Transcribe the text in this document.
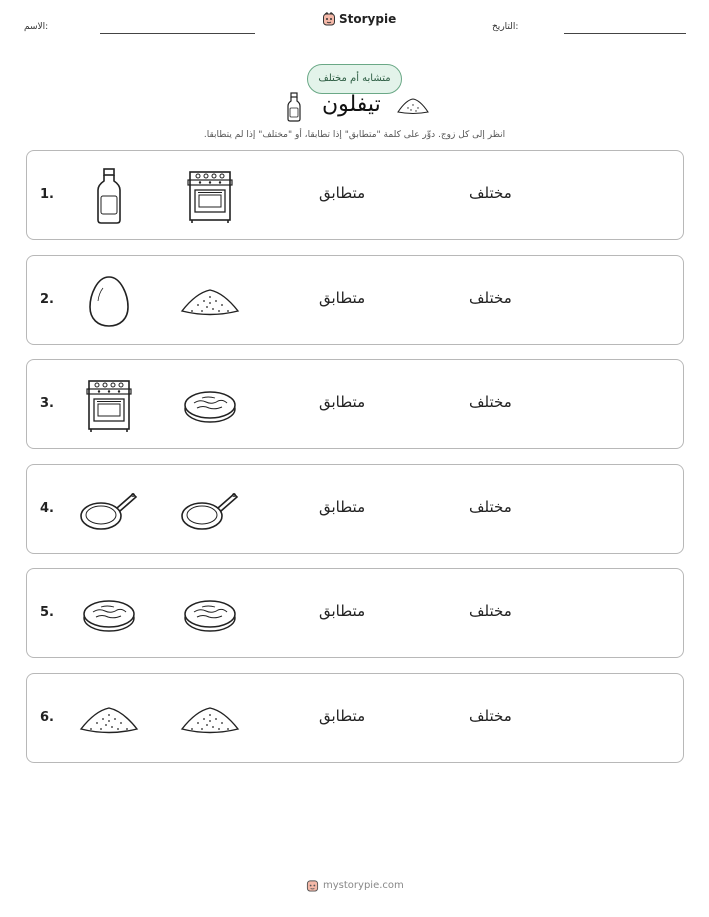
الاسم:
Storypie
التاريخ:
متشابه أم مختلف
تيفلون
انظر إلى كل زوج. دوِّر على كلمة "متطابق" إذا تطابقا، أو "مختلف" إذا لم يتطابقا.
1.	متطابق	مختلف
2.	متطابق	مختلف
3.	متطابق	مختلف
4.	متطابق	مختلف
5.	متطابق	مختلف
6.	متطابق	مختلف
mystorypie.com
